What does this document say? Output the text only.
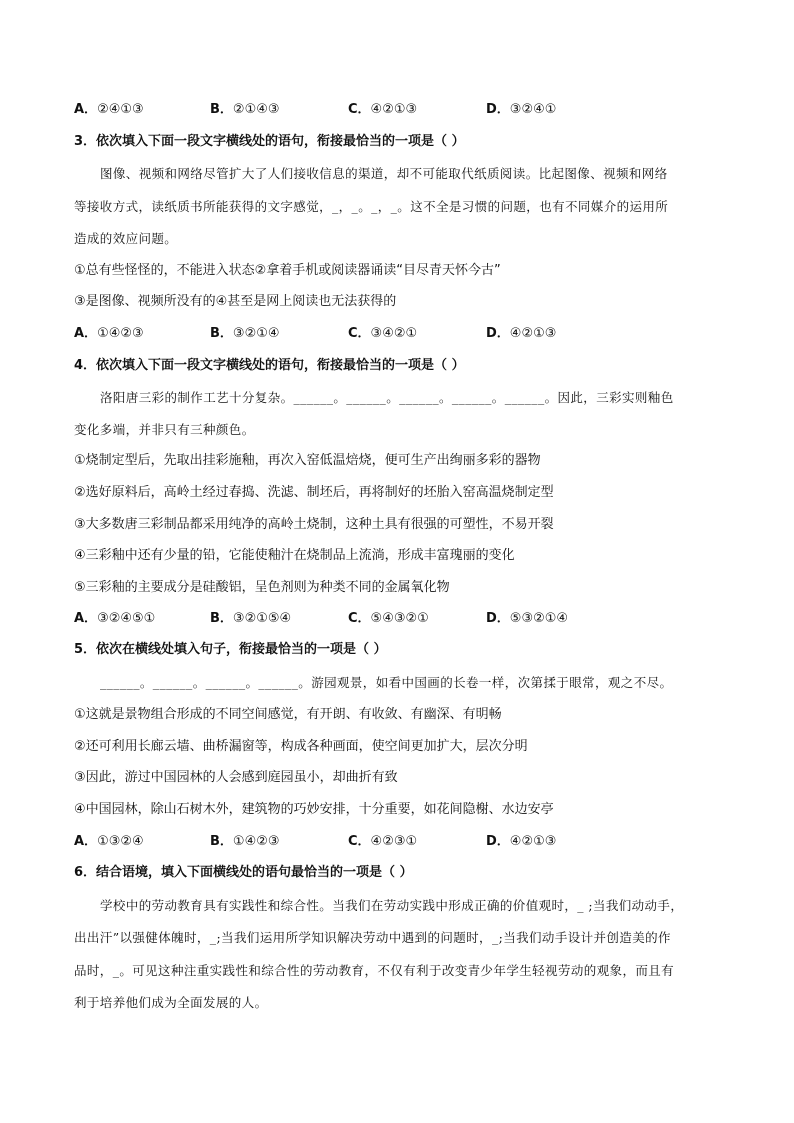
A．②④①③	B．②①④③	C．④②①③	D．③②④①
3．依次填入下面一段文字横线处的语句，衔接最恰当的一项是（ ）
图像、视频和网络尽管扩大了人们接收信息的渠道，却不可能取代纸质阅读。比起图像、视频和网络
等接收方式，读纸质书所能获得的文字感觉，_，_。_，_。这不全是习惯的问题，也有不同媒介的运用所
造成的效应问题。
①总有些怪怪的，不能进入状态②拿着手机或阅读器诵读“目尽青天怀今古”
③是图像、视频所没有的④甚至是网上阅读也无法获得的
A．①④②③	B．③②①④	C．③④②①	D．④②①③
4．依次填入下面一段文字横线处的语句，衔接最恰当的一项是（ ）
洛阳唐三彩的制作工艺十分复杂。______。______。______。______。______。因此，三彩实则釉色
变化多端，并非只有三种颜色。
①烧制定型后，先取出挂彩施釉，再次入窑低温焙烧，便可生产出绚丽多彩的器物
②选好原料后，高岭土经过春捣、洗滤、制坯后，再将制好的坯胎入窑高温烧制定型
③大多数唐三彩制品都采用纯净的高岭土烧制，这种土具有很强的可塑性，不易开裂
④三彩釉中还有少量的铅，它能使釉汁在烧制品上流淌，形成丰富瑰丽的变化
⑤三彩釉的主要成分是硅酸铝，呈色剂则为种类不同的金属氧化物
A．③②④⑤①	B．③②①⑤④	C．⑤④③②①	D．⑤③②①④
5．依次在横线处填入句子，衔接最恰当的一项是（ ）
______。______。______。______。游园观景，如看中国画的长卷一样，次第揉于眼常，观之不尽。
①这就是景物组合形成的不同空间感觉，有开朗、有收敛、有幽深、有明畅
②还可利用长廊云墙、曲桥漏窗等，构成各种画面，使空间更加扩大，层次分明
③因此，游过中国园林的人会感到庭园虽小，却曲折有致
④中国园林，除山石树木外，建筑物的巧妙安排，十分重要，如花间隐榭、水边安亭
A．①③②④	B．①④②③	C．④②③①	D．④②①③
6．结合语境，填入下面横线处的语句最恰当的一项是（ ）
学校中的劳动教育具有实践性和综合性。当我们在劳动实践中形成正确的价值观时，_ ;当我们动动手，
出出汗”以强健体魄时，_;当我们运用所学知识解决劳动中遇到的问题时，_;当我们动手设计并创造美的作
品时，_。可见这种注重实践性和综合性的劳动教育，不仅有利于改变青少年学生轻视劳动的观象，而且有
利于培养他们成为全面发展的人。
